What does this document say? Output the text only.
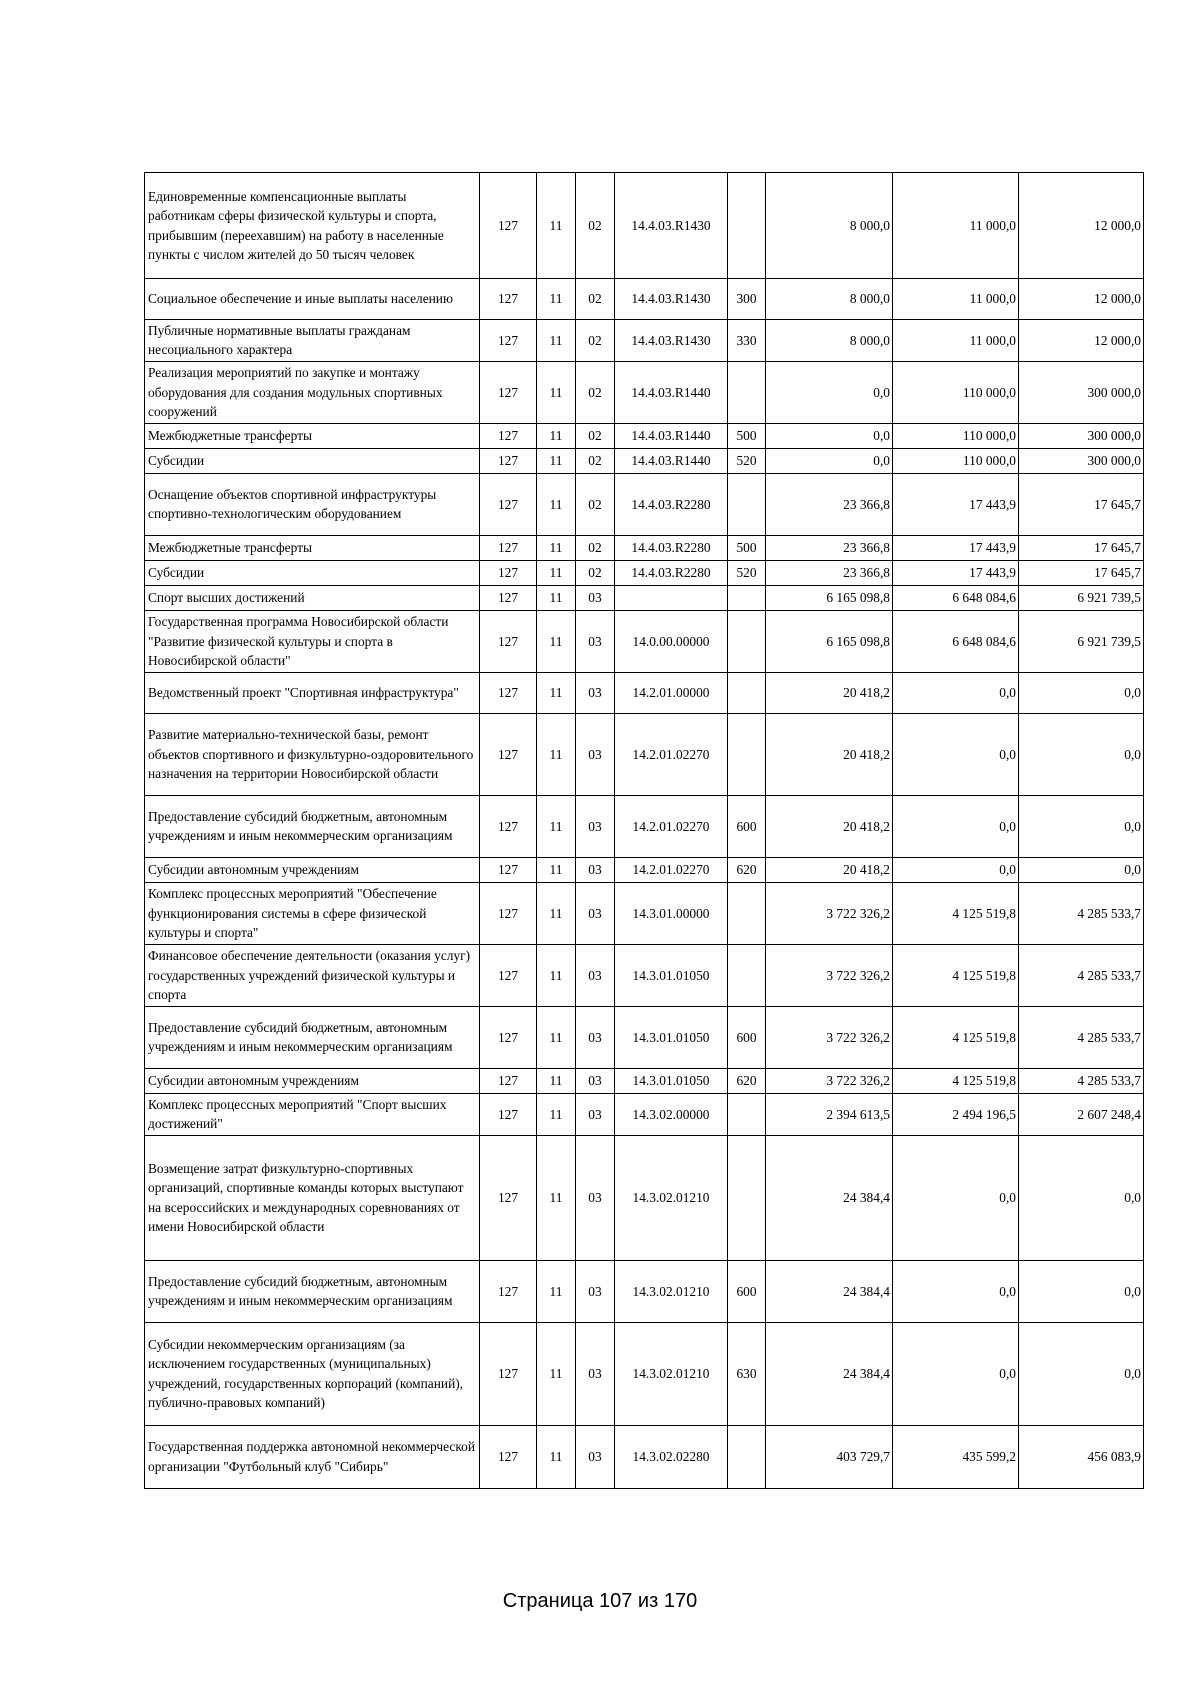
Единовременные компенсационные выплаты работникам сферы физической культуры и спорта, прибывшим (переехавшим) на работу в населенные пункты с числом жителей до 50 тысяч человек	127	11	02	14.4.03.R1430		8 000,0	11 000,0	12 000,0
Социальное обеспечение и иные выплаты населению	127	11	02	14.4.03.R1430	300	8 000,0	11 000,0	12 000,0
Публичные нормативные выплаты гражданам несоциального характера	127	11	02	14.4.03.R1430	330	8 000,0	11 000,0	12 000,0
Реализация мероприятий по закупке и монтажу оборудования для создания модульных спортивных сооружений	127	11	02	14.4.03.R1440		0,0	110 000,0	300 000,0
Межбюджетные трансферты	127	11	02	14.4.03.R1440	500	0,0	110 000,0	300 000,0
Субсидии	127	11	02	14.4.03.R1440	520	0,0	110 000,0	300 000,0
Оснащение объектов спортивной инфраструктуры спортивно-технологическим оборудованием	127	11	02	14.4.03.R2280		23 366,8	17 443,9	17 645,7
Межбюджетные трансферты	127	11	02	14.4.03.R2280	500	23 366,8	17 443,9	17 645,7
Субсидии	127	11	02	14.4.03.R2280	520	23 366,8	17 443,9	17 645,7
Спорт высших достижений	127	11	03			6 165 098,8	6 648 084,6	6 921 739,5
Государственная программа Новосибирской области "Развитие физической культуры и спорта в Новосибирской области"	127	11	03	14.0.00.00000		6 165 098,8	6 648 084,6	6 921 739,5
Ведомственный проект "Спортивная инфраструктура"	127	11	03	14.2.01.00000		20 418,2	0,0	0,0
Развитие материально-технической базы, ремонт объектов спортивного и физкультурно-оздоровительного назначения на территории Новосибирской области	127	11	03	14.2.01.02270		20 418,2	0,0	0,0
Предоставление субсидий бюджетным, автономным учреждениям и иным некоммерческим организациям	127	11	03	14.2.01.02270	600	20 418,2	0,0	0,0
Субсидии автономным учреждениям	127	11	03	14.2.01.02270	620	20 418,2	0,0	0,0
Комплекс процессных мероприятий "Обеспечение функционирования системы в сфере физической культуры и спорта"	127	11	03	14.3.01.00000		3 722 326,2	4 125 519,8	4 285 533,7
Финансовое обеспечение деятельности (оказания услуг) государственных учреждений физической культуры и спорта	127	11	03	14.3.01.01050		3 722 326,2	4 125 519,8	4 285 533,7
Предоставление субсидий бюджетным, автономным учреждениям и иным некоммерческим организациям	127	11	03	14.3.01.01050	600	3 722 326,2	4 125 519,8	4 285 533,7
Субсидии автономным учреждениям	127	11	03	14.3.01.01050	620	3 722 326,2	4 125 519,8	4 285 533,7
Комплекс процессных мероприятий "Спорт высших достижений"	127	11	03	14.3.02.00000		2 394 613,5	2 494 196,5	2 607 248,4
Возмещение затрат физкультурно-спортивных организаций, спортивные команды которых выступают на всероссийских и международных соревнованиях от имени Новосибирской области	127	11	03	14.3.02.01210		24 384,4	0,0	0,0
Предоставление субсидий бюджетным, автономным учреждениям и иным некоммерческим организациям	127	11	03	14.3.02.01210	600	24 384,4	0,0	0,0
Субсидии некоммерческим организациям (за исключением государственных (муниципальных) учреждений, государственных корпораций (компаний), публично-правовых компаний)	127	11	03	14.3.02.01210	630	24 384,4	0,0	0,0
Государственная поддержка автономной некоммерческой организации "Футбольный клуб "Сибирь"	127	11	03	14.3.02.02280		403 729,7	435 599,2	456 083,9
Страница 107 из 170
